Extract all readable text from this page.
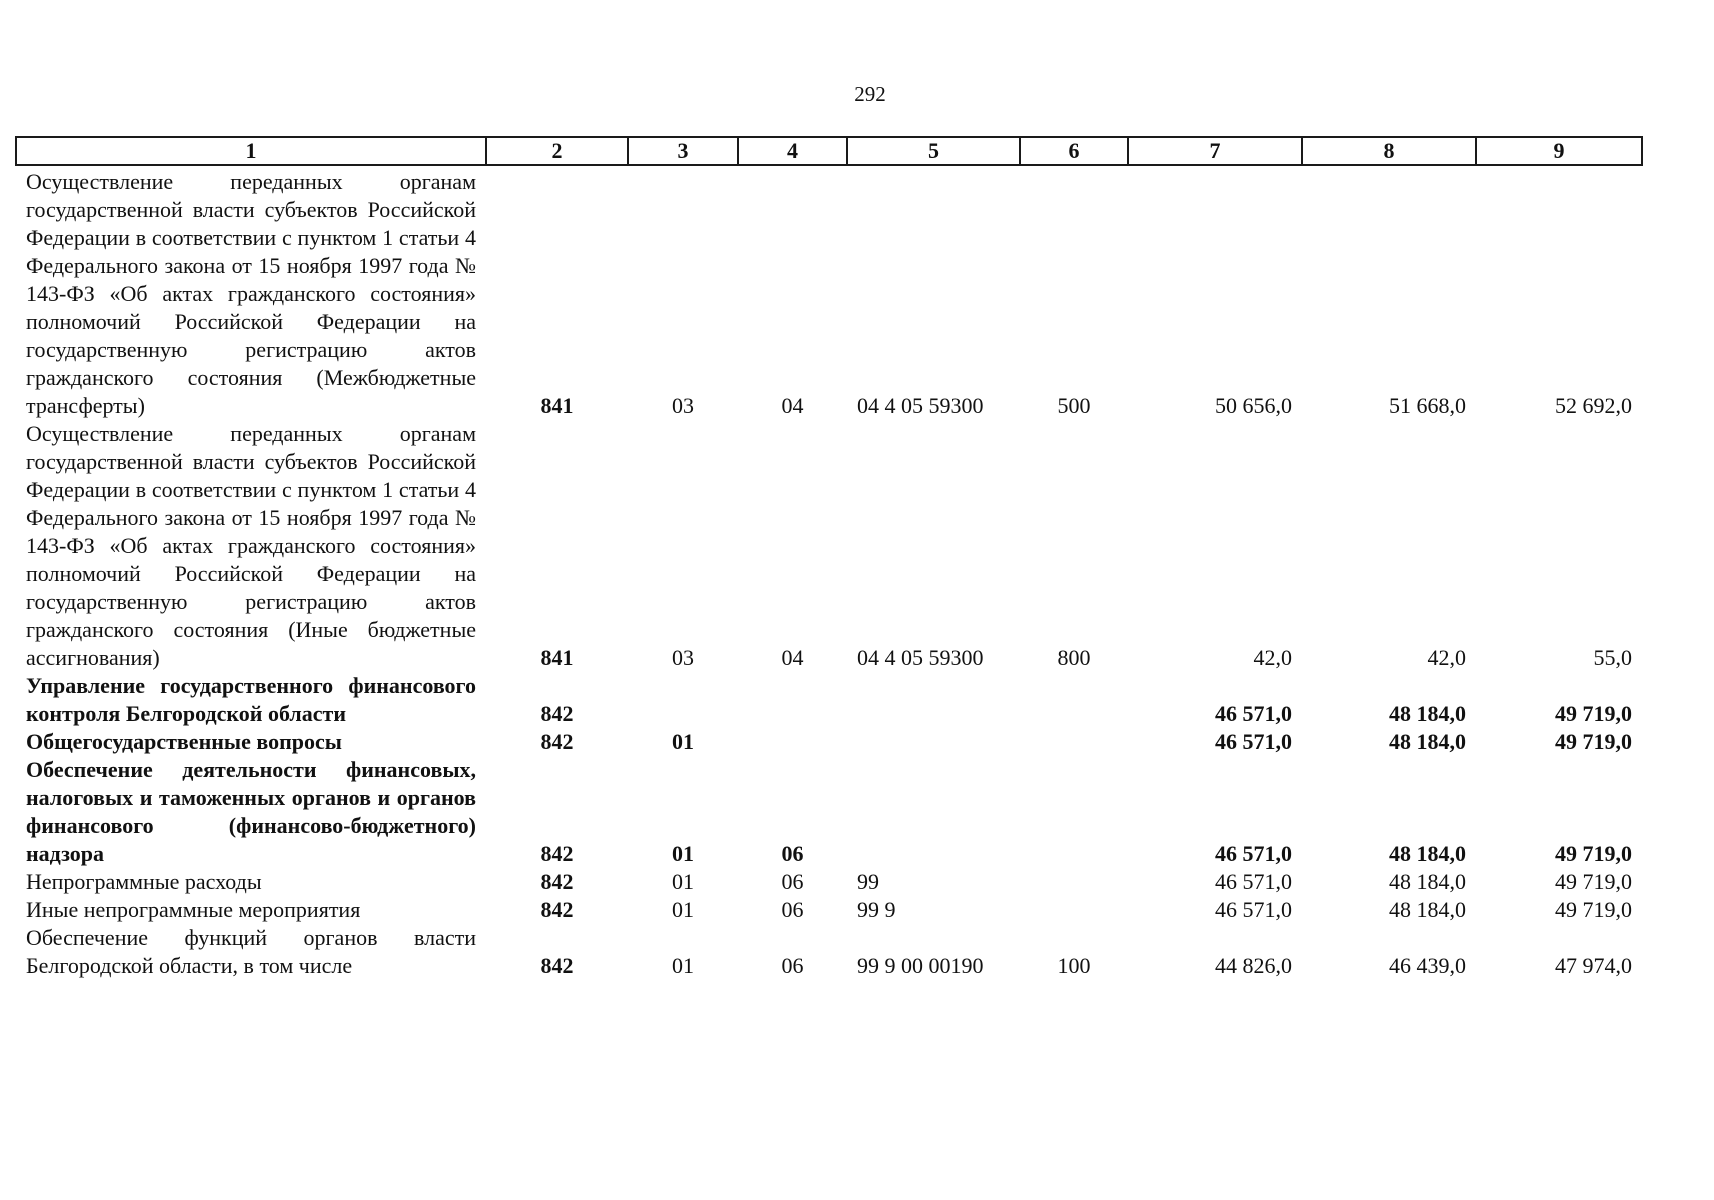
292
1	2	3	4	5	6	7	8	9
Осуществление переданных органам государственной власти субъектов Российской Федерации в соответствии с пунктом 1 статьи 4 Федерального закона от 15 ноября 1997 года № 143-ФЗ «Об актах гражданского состояния» полномочий Российской Федерации на государственную регистрацию актов гражданского состояния (Межбюджетные трансферты)	841	03	04	04 4 05 59300	500	50 656,0	51 668,0	52 692,0
Осуществление переданных органам государственной власти субъектов Российской Федерации в соответствии с пунктом 1 статьи 4 Федерального закона от 15 ноября 1997 года № 143-ФЗ «Об актах гражданского состояния» полномочий Российской Федерации на государственную регистрацию актов гражданского состояния (Иные бюджетные ассигнования)	841	03	04	04 4 05 59300	800	42,0	42,0	55,0
Управление государственного финансового контроля Белгородской области	842					46 571,0	48 184,0	49 719,0
Общегосударственные вопросы	842	01				46 571,0	48 184,0	49 719,0
Обеспечение деятельности финансовых, налоговых и таможенных органов и органов финансового (финансово-бюджетного) надзора	842	01	06			46 571,0	48 184,0	49 719,0
Непрограммные расходы	842	01	06	99		46 571,0	48 184,0	49 719,0
Иные непрограммные мероприятия	842	01	06	99 9		46 571,0	48 184,0	49 719,0
Обеспечение функций органов власти Белгородской области, в том числе	842	01	06	99 9 00 00190	100	44 826,0	46 439,0	47 974,0
